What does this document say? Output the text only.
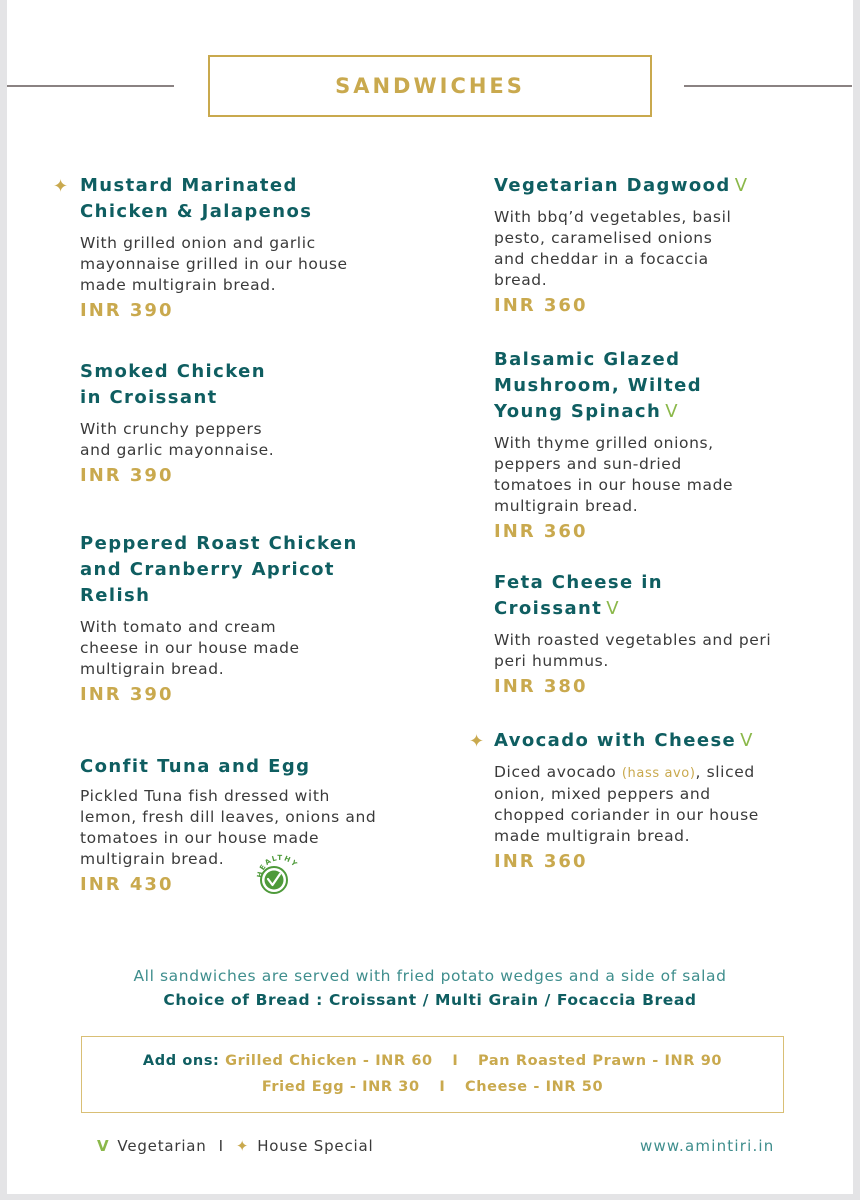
SANDWICHES
✦ Mustard Marinated
Chicken & Jalapenos
With grilled onion and garlic
mayonnaise grilled in our house
made multigrain bread.
INR 390
Smoked Chicken
in Croissant
With crunchy peppers
and garlic mayonnaise.
INR 390
Peppered Roast Chicken
and Cranberry Apricot
Relish
With tomato and cream
cheese in our house made
multigrain bread.
INR 390
Confit Tuna and Egg
Pickled Tuna fish dressed with
lemon, fresh dill leaves, onions and
tomatoes in our house made
multigrain bread.
INR 430	HEALTHY
Vegetarian Dagwood V
With bbq’d vegetables, basil
pesto, caramelised onions
and cheddar in a focaccia
bread.
INR 360
Balsamic Glazed
Mushroom, Wilted
Young Spinach V
With thyme grilled onions,
peppers and sun-dried
tomatoes in our house made
multigrain bread.
INR 360
Feta Cheese in
Croissant V
With roasted vegetables and peri
peri hummus.
INR 380
✦ Avocado with Cheese V
Diced avocado (hass avo), sliced
onion, mixed peppers and
chopped coriander in our house
made multigrain bread.
INR 360
All sandwiches are served with fried potato wedges and a side of salad
Choice of Bread : Croissant / Multi Grain / Focaccia Bread
Add ons: Grilled Chicken - INR 60 I Pan Roasted Prawn - INR 90
Fried Egg - INR 30 I Cheese - INR 50
V Vegetarian I ✦ House Special	www.amintiri.in
